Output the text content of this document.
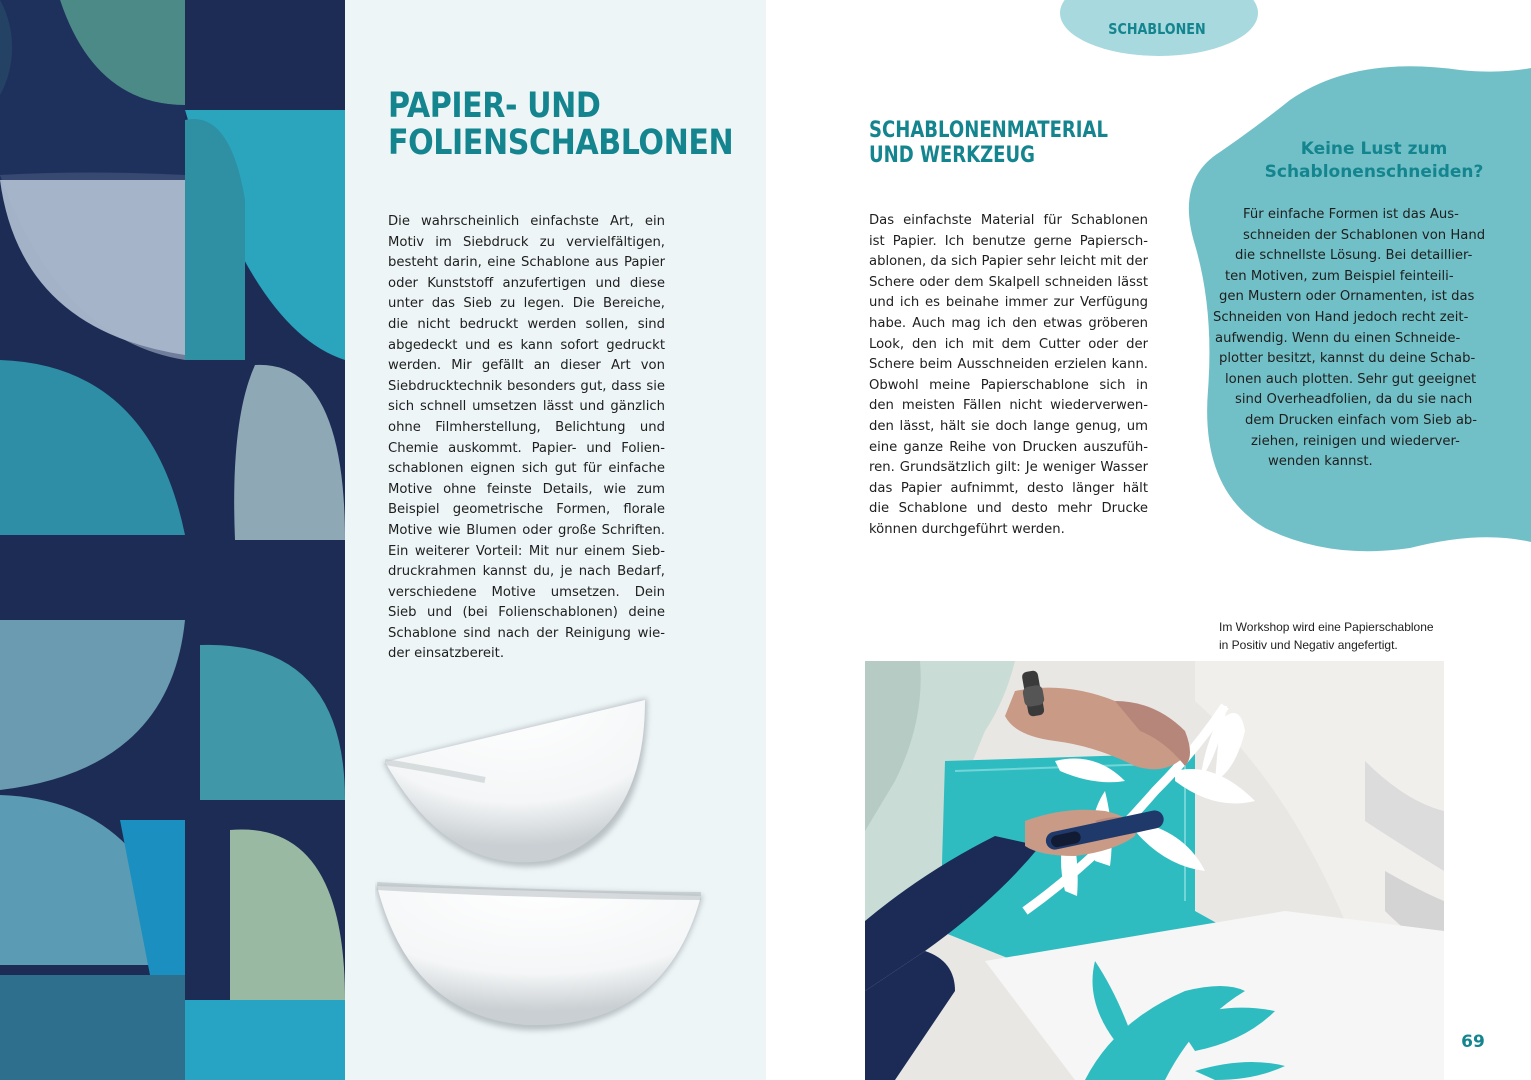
PAPIER- UND
FOLIENSCHABLONEN
Die wahrscheinlich einfachste Art, ein
Motiv im Siebdruck zu vervielfältigen,
besteht darin, eine Schablone aus Papier
oder Kunststoff anzufertigen und diese
unter das Sieb zu legen. Die Bereiche,
die nicht bedruckt werden sollen, sind
abgedeckt und es kann sofort gedruckt
werden. Mir gefällt an dieser Art von
Siebdrucktechnik besonders gut, dass sie
sich schnell umsetzen lässt und gänzlich
ohne Filmherstellung, Belichtung und
Chemie auskommt. Papier- und Folien-
schablonen eignen sich gut für einfache
Motive ohne feinste Details, wie zum
Beispiel geometrische Formen, florale
Motive wie Blumen oder große Schriften.
Ein weiterer Vorteil: Mit nur einem Sieb-
druckrahmen kannst du, je nach Bedarf,
verschiedene Motive umsetzen. Dein
Sieb und (bei Folienschablonen) deine
Schablone sind nach der Reinigung wie-
der einsatzbereit.
SCHABLONEN
SCHABLONENMATERIAL
UND WERKZEUG
Das einfachste Material für Schablonen
ist Papier. Ich benutze gerne Papiersch-
ablonen, da sich Papier sehr leicht mit der
Schere oder dem Skalpell schneiden lässt
und ich es beinahe immer zur Verfügung
habe. Auch mag ich den etwas gröberen
Look, den ich mit dem Cutter oder der
Schere beim Ausschneiden erzielen kann.
Obwohl meine Papierschablone sich in
den meisten Fällen nicht wiederverwen-
den lässt, hält sie doch lange genug, um
eine ganze Reihe von Drucken auszufüh-
ren. Grundsätzlich gilt: Je weniger Wasser
das Papier aufnimmt, desto länger hält
die Schablone und desto mehr Drucke
können durchgeführt werden.
Keine Lust zum
Schablonenschneiden?
Für einfache Formen ist das Aus-
schneiden der Schablonen von Hand
die schnellste Lösung. Bei detaillier-
ten Motiven, zum Beispiel feinteili-
gen Mustern oder Ornamenten, ist das
Schneiden von Hand jedoch recht zeit-
aufwendig. Wenn du einen Schneide-
plotter besitzt, kannst du deine Schab-
lonen auch plotten. Sehr gut geeignet
sind Overheadfolien, da du sie nach
dem Drucken einfach vom Sieb ab-
ziehen, reinigen und wiederver-
wenden kannst.
Im Workshop wird eine Papierschablone
in Positiv und Negativ angefertigt.
69
